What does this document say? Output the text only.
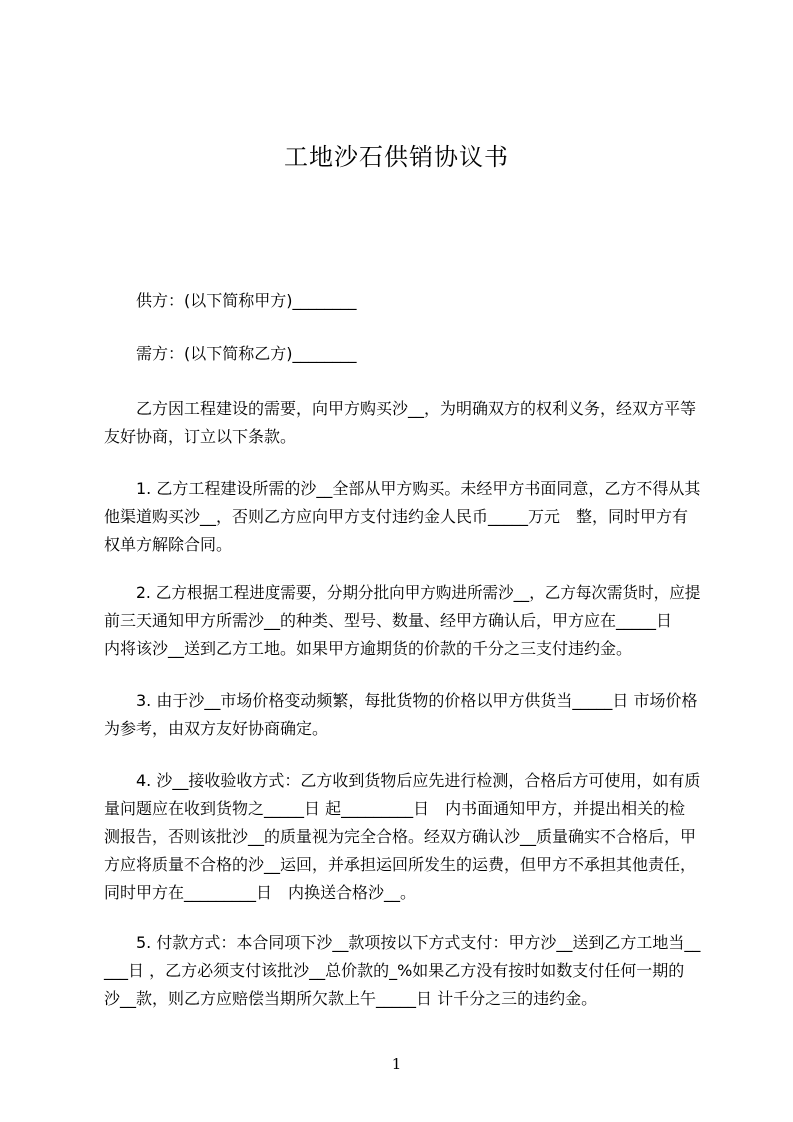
工地沙石供销协议书
供方：(以下简称甲方)________
需方：(以下简称乙方)________
乙方因工程建设的需要，向甲方购买沙__，为明确双方的权利义务，经双方平等
友好协商，订立以下条款。
1. 乙方工程建设所需的沙__全部从甲方购买。未经甲方书面同意，乙方不得从其
他渠道购买沙__，否则乙方应向甲方支付违约金人民币_____万元　整，同时甲方有
权单方解除合同。
2. 乙方根据工程进度需要，分期分批向甲方购进所需沙__，乙方每次需货时，应提
前三天通知甲方所需沙__的种类、型号、数量、经甲方确认后，甲方应在_____日
内将该沙__送到乙方工地。如果甲方逾期货的价款的千分之三支付违约金。
3. 由于沙__市场价格变动频繁，每批货物的价格以甲方供货当_____日 市场价格
为参考，由双方友好协商确定。
4. 沙__接收验收方式：乙方收到货物后应先进行检测，合格后方可使用，如有质
量问题应在收到货物之_____日 起_________日　内书面通知甲方，并提出相关的检
测报告，否则该批沙__的质量视为完全合格。经双方确认沙__质量确实不合格后，甲
方应将质量不合格的沙__运回，并承担运回所发生的运费，但甲方不承担其他责任，
同时甲方在_________日　内换送合格沙__。
5. 付款方式：本合同项下沙__款项按以下方式支付：甲方沙__送到乙方工地当__
___日 ，乙方必须支付该批沙__总价款的_%如果乙方没有按时如数支付任何一期的
沙__款，则乙方应赔偿当期所欠款上午_____日 计千分之三的违约金。
1
